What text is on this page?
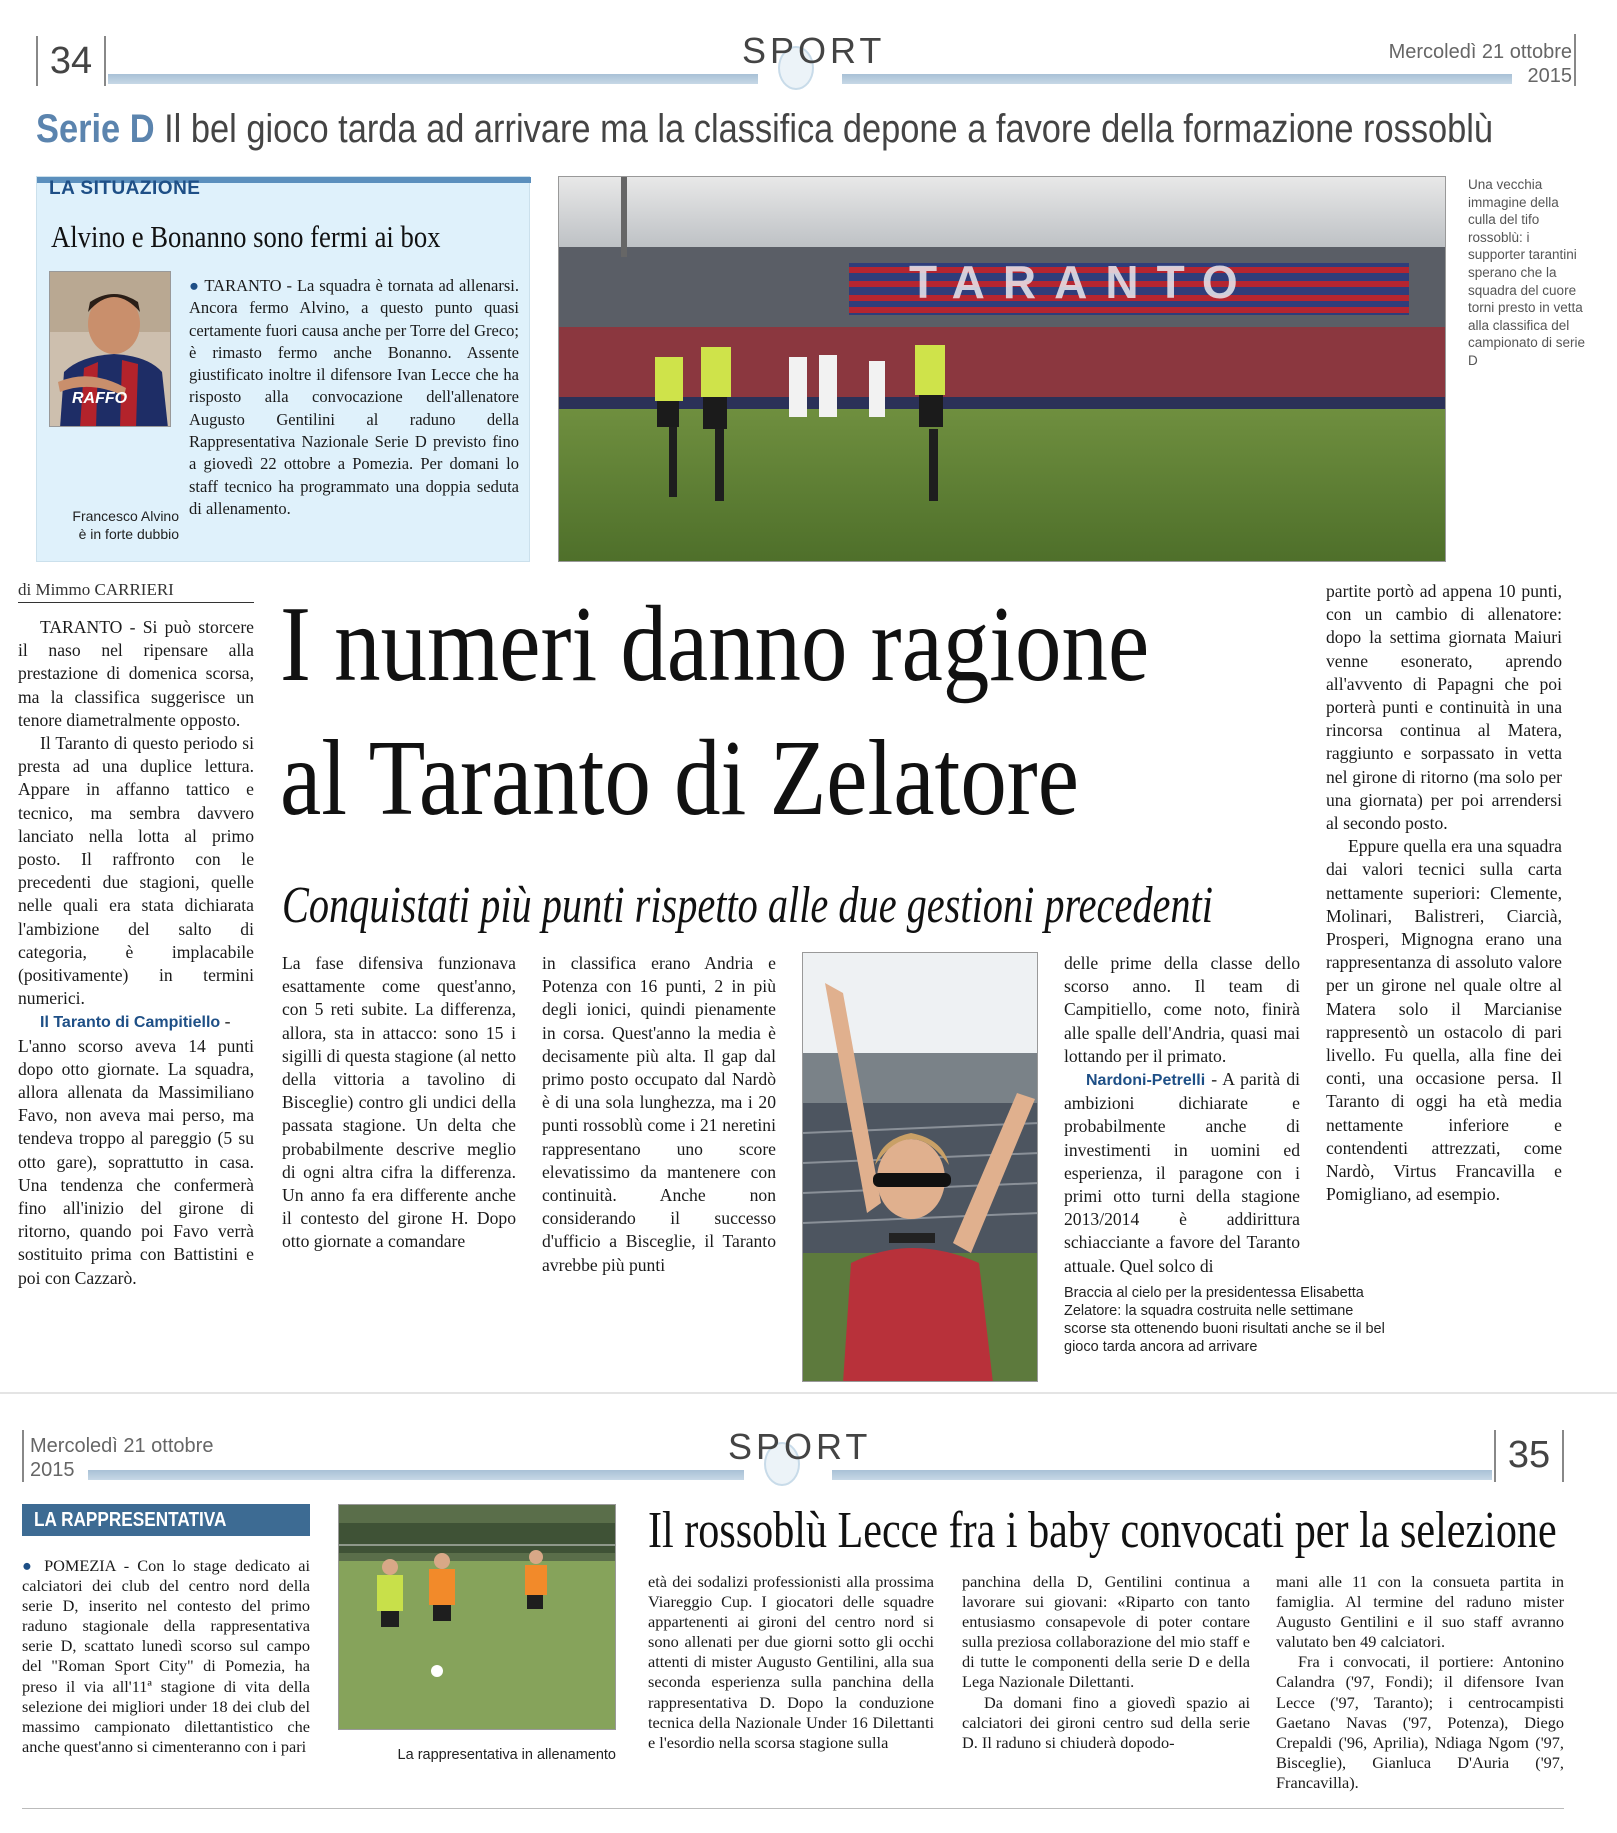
34	SPORT	Mercoledì 21 ottobre
2015
Serie D Il bel gioco tarda ad arrivare ma la classifica depone a favore della formazione rossoblù
LA SITUAZIONE
Alvino e Bonanno sono fermi ai box
RAFFO
Francesco Alvino
è in forte dubbio

● TARANTO - La squadra è tornata ad allenarsi. Ancora fermo Alvino, a questo punto quasi certamente fuori causa anche per Torre del Greco; è rimasto fermo anche Bonanno. Assente giustificato inoltre il difensore Ivan Lecce che ha risposto alla convocazione dell'allenatore Augusto Gentilini al raduno della Rappresentativa Nazionale Serie D previsto fino a giovedì 22 ottobre a Pomezia. Per domani lo staff tecnico ha programmato una doppia seduta di allenamento.

TARANTO
Una vecchia immagine della culla del tifo rossoblù: i supporter tarantini sperano che la squadra del cuore torni presto in vetta alla classifica del campionato di serie D
di Mimmo CARRIERI I numeri danno ragione
al Taranto di Zelatore
Conquistati più punti rispetto alle due gestioni precedenti

TARANTO - Si può storcere il naso nel ripensare alla prestazione di domenica scorsa, ma la classifica suggerisce un tenore diametralmente opposto.

Il Taranto di questo periodo si presta ad una duplice lettura. Appare in affanno tattico e tecnico, ma sembra davvero lanciato nella lotta al primo posto. Il raffronto con le precedenti due stagioni, quelle nelle quali era stata dichiarata l'ambizione del salto di categoria, è implacabile (positivamente) in termini numerici.

Il Taranto di Campitiello -

L'anno scorso aveva 14 punti dopo otto giornate. La squadra, allora allenata da Massimiliano Favo, non aveva mai perso, ma tendeva troppo al pareggio (5 su otto gare), soprattutto in casa. Una tendenza che confermerà fino all'inizio del girone di ritorno, quando poi Favo verrà sostituito prima con Battistini e poi con Cazzarò.

La fase difensiva funzionava esattamente come quest'anno, con 5 reti subite. La differenza, allora, sta in attacco: sono 15 i sigilli di questa stagione (al netto della vittoria a tavolino di Bisceglie) contro gli undici della passata stagione. Un delta che probabilmente descrive meglio di ogni altra cifra la differenza. Un anno fa era differente anche il contesto del girone H. Dopo otto giornate a comandare

in classifica erano Andria e Potenza con 16 punti, 2 in più degli ionici, quindi pienamente in corsa. Quest'anno la media è decisamente più alta. Il gap dal primo posto occupato dal Nardò è di una sola lunghezza, ma i 20 punti rossoblù come i 21 neretini rappresentano uno score elevatissimo da mantenere con continuità. Anche non considerando il successo d'ufficio a Bisceglie, il Taranto avrebbe più punti

Braccia al cielo per la presidentessa Elisabetta Zelatore: la squadra costruita nelle settimane scorse sta ottenendo buoni risultati anche se il bel gioco tarda ancora ad arrivare

delle prime della classe dello scorso anno. Il team di Campitiello, come noto, finirà alle spalle dell'Andria, quasi mai lottando per il primato.

Nardoni-Petrelli - A parità di ambizioni dichiarate e probabilmente anche di investimenti in uomini ed esperienza, il paragone con i primi otto turni della stagione 2013/2014 è addirittura schiacciante a favore del Taranto attuale. Quel solco di

partite portò ad appena 10 punti, con un cambio di allenatore: dopo la settima giornata Maiuri venne esonerato, aprendo all'avvento di Papagni che poi porterà punti e continuità in una rincorsa continua al Matera, raggiunto e sorpassato in vetta nel girone di ritorno (ma solo per una giornata) per poi arrendersi al secondo posto.

Eppure quella era una squadra dai valori tecnici sulla carta nettamente superiori: Clemente, Molinari, Balistreri, Ciarcià, Prosperi, Mignogna erano una rappresentanza di assoluto valore per un girone nel quale oltre al Matera solo il Marcianise rappresentò un ostacolo di pari livello. Fu quella, alla fine dei conti, una occasione persa. Il Taranto di oggi ha età media nettamente inferiore e contendenti attrezzati, come Nardò, Virtus Francavilla e Pomigliano, ad esempio.

Mercoledì 21 ottobre
2015
SPORT	35
LA RAPPRESENTATIVA

● POMEZIA - Con lo stage dedicato ai calciatori dei club del centro nord della serie D, inserito nel contesto del primo raduno stagionale della rappresentativa serie D, scattato lunedì scorso sul campo del "Roman Sport City" di Pomezia, ha preso il via all'11ª stagione di vita della selezione dei migliori under 18 dei club del massimo campionato dilettantistico che anche quest'anno si cimenteranno con i pari	La rappresentativa in allenamento
Il rossoblù Lecce fra i baby convocati per la selezione

età dei sodalizi professionisti alla prossima Viareggio Cup. I giocatori delle squadre appartenenti ai gironi del centro nord si sono allenati per due giorni sotto gli occhi attenti di mister Augusto Gentilini, alla sua seconda esperienza sulla panchina della rappresentativa D. Dopo la conduzione tecnica della Nazionale Under 16 Dilettanti e l'esordio nella scorsa stagione sulla

panchina della D, Gentilini continua a lavorare sui giovani: «Riparto con tanto entusiasmo consapevole di poter contare sulla preziosa collaborazione del mio staff e di tutte le componenti della serie D e della Lega Nazionale Dilettanti.

Da domani fino a giovedì spazio ai calciatori dei gironi centro sud della serie D. Il raduno si chiuderà dopodo-

mani alle 11 con la consueta partita in famiglia. Al termine del raduno mister Augusto Gentilini e il suo staff avranno valutato ben 49 calciatori.

Fra i convocati, il portiere: Antonino Calandra ('97, Fondi); il difensore Ivan Lecce ('97, Taranto); i centrocampisti Gaetano Navas ('97, Potenza), Diego Crepaldi ('96, Aprilia), Ndiaga Ngom ('97, Bisceglie), Gianluca D'Auria ('97, Francavilla).
